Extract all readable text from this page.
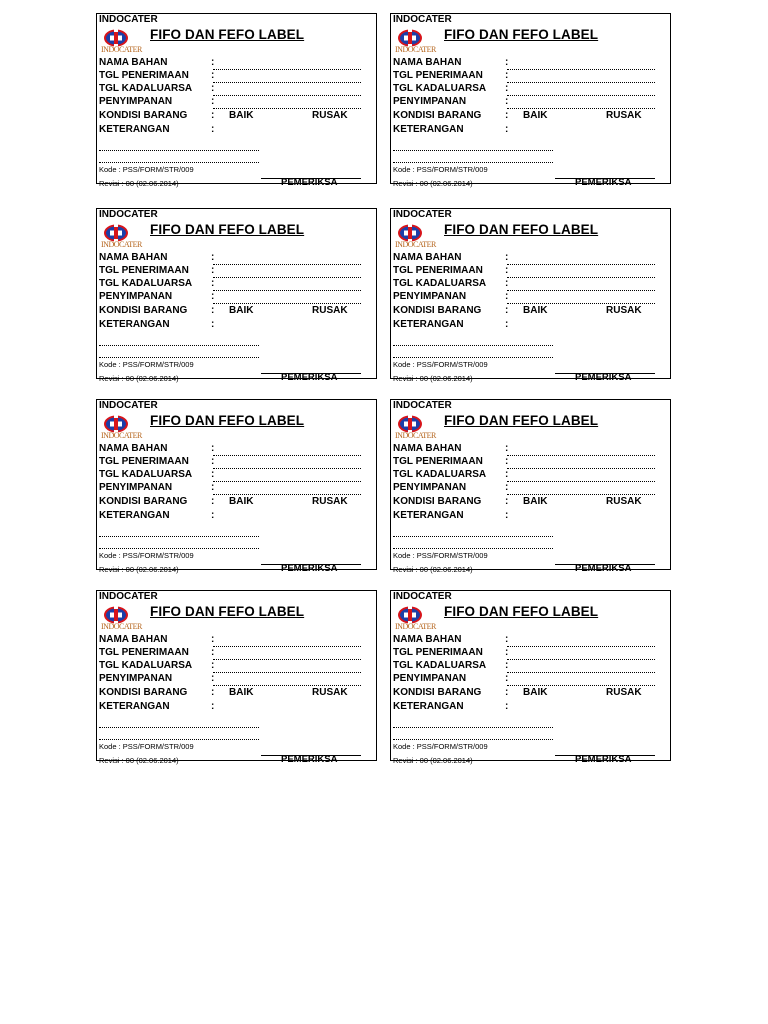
INDOCATER
INDOCATER
FIFO DAN FEFO LABEL
NAMA BAHAN	:
TGL PENERIMAAN :
TGL KADALUARSA :
PENYIMPANAN	:
KONDISI BARANG : BAIK	RUSAK
KETERANGAN	:
Kode : PSS/FORM/STR/009
PEMERIKSA
Revisi : 00 (02.06.2014)
INDOCATER
INDOCATER
FIFO DAN FEFO LABEL
NAMA BAHAN	:
TGL PENERIMAAN :
TGL KADALUARSA :
PENYIMPANAN	:
KONDISI BARANG : BAIK	RUSAK
KETERANGAN	:
Kode : PSS/FORM/STR/009
PEMERIKSA
Revisi : 00 (02.06.2014)
INDOCATER
INDOCATER
FIFO DAN FEFO LABEL
NAMA BAHAN	:
TGL PENERIMAAN :
TGL KADALUARSA :
PENYIMPANAN	:
KONDISI BARANG : BAIK	RUSAK
KETERANGAN	:
Kode : PSS/FORM/STR/009
PEMERIKSA
Revisi : 00 (02.06.2014)
INDOCATER
INDOCATER
FIFO DAN FEFO LABEL
NAMA BAHAN	:
TGL PENERIMAAN :
TGL KADALUARSA :
PENYIMPANAN	:
KONDISI BARANG : BAIK	RUSAK
KETERANGAN	:
Kode : PSS/FORM/STR/009
PEMERIKSA
Revisi : 00 (02.06.2014)
INDOCATER
INDOCATER
FIFO DAN FEFO LABEL
NAMA BAHAN	:
TGL PENERIMAAN :
TGL KADALUARSA :
PENYIMPANAN	:
KONDISI BARANG : BAIK	RUSAK
KETERANGAN	:
Kode : PSS/FORM/STR/009
PEMERIKSA
Revisi : 00 (02.06.2014)
INDOCATER
INDOCATER
FIFO DAN FEFO LABEL
NAMA BAHAN	:
TGL PENERIMAAN :
TGL KADALUARSA :
PENYIMPANAN	:
KONDISI BARANG : BAIK	RUSAK
KETERANGAN	:
Kode : PSS/FORM/STR/009
PEMERIKSA
Revisi : 00 (02.06.2014)
INDOCATER
INDOCATER
FIFO DAN FEFO LABEL
NAMA BAHAN	:
TGL PENERIMAAN :
TGL KADALUARSA :
PENYIMPANAN	:
KONDISI BARANG : BAIK	RUSAK
KETERANGAN	:
Kode : PSS/FORM/STR/009
PEMERIKSA
Revisi : 00 (02.06.2014)
INDOCATER
INDOCATER
FIFO DAN FEFO LABEL
NAMA BAHAN	:
TGL PENERIMAAN :
TGL KADALUARSA :
PENYIMPANAN	:
KONDISI BARANG : BAIK	RUSAK
KETERANGAN	:
Kode : PSS/FORM/STR/009
PEMERIKSA
Revisi : 00 (02.06.2014)
